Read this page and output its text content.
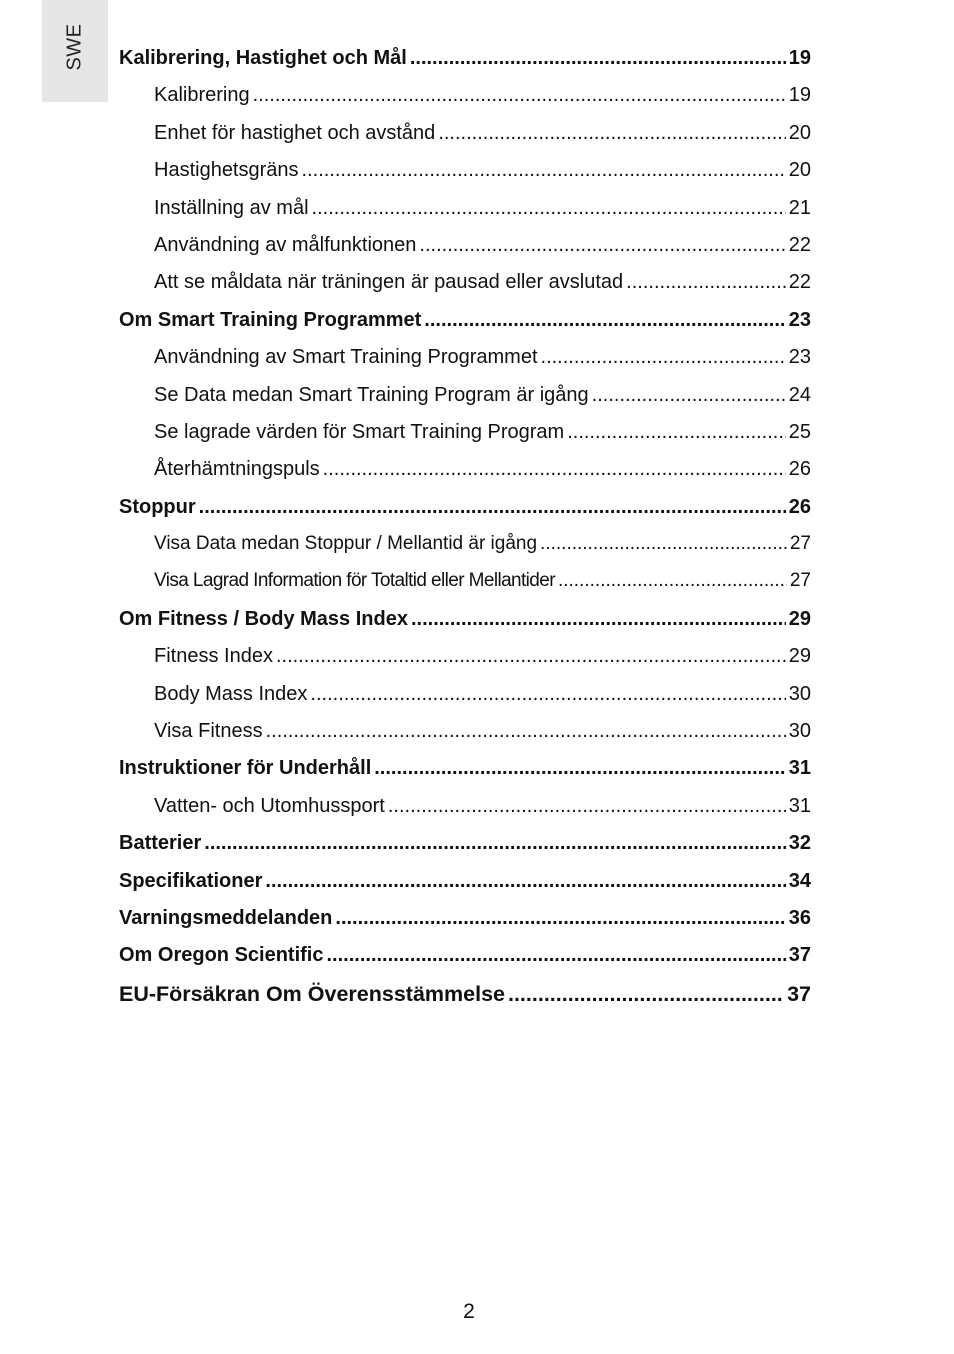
SWE Kalibrering, Hastighet och Mål .....	19
Kalibrering .....	19
Enhet för hastighet och avstånd .....	20
Hastighetsgräns .....	20
Inställning av mål .....	21
Användning av målfunktionen .....	22
Att se måldata när träningen är pausad eller avslutad .....	22
Om Smart Training Programmet .....	23
Användning av Smart Training Programmet .....	23
Se Data medan Smart Training Program är igång .....	24
Se lagrade värden för Smart Training Program .....	25
Återhämtningspuls .....	26
Stoppur .....	26
Visa Data medan Stoppur / Mellantid är igång .....	27
Visa Lagrad Information för Totaltid eller Mellantider .....	27
Om Fitness / Body Mass Index .....	29
Fitness Index .....	29
Body Mass Index .....	30
Visa Fitness .....	30
Instruktioner för Underhåll .....	31
Vatten- och Utomhussport .....	31
Batterier .....	32
Specifikationer .....	34
Varningsmeddelanden .....	36
Om Oregon Scientific .....	37
EU-Försäkran Om Överensstämmelse .....	37
2
